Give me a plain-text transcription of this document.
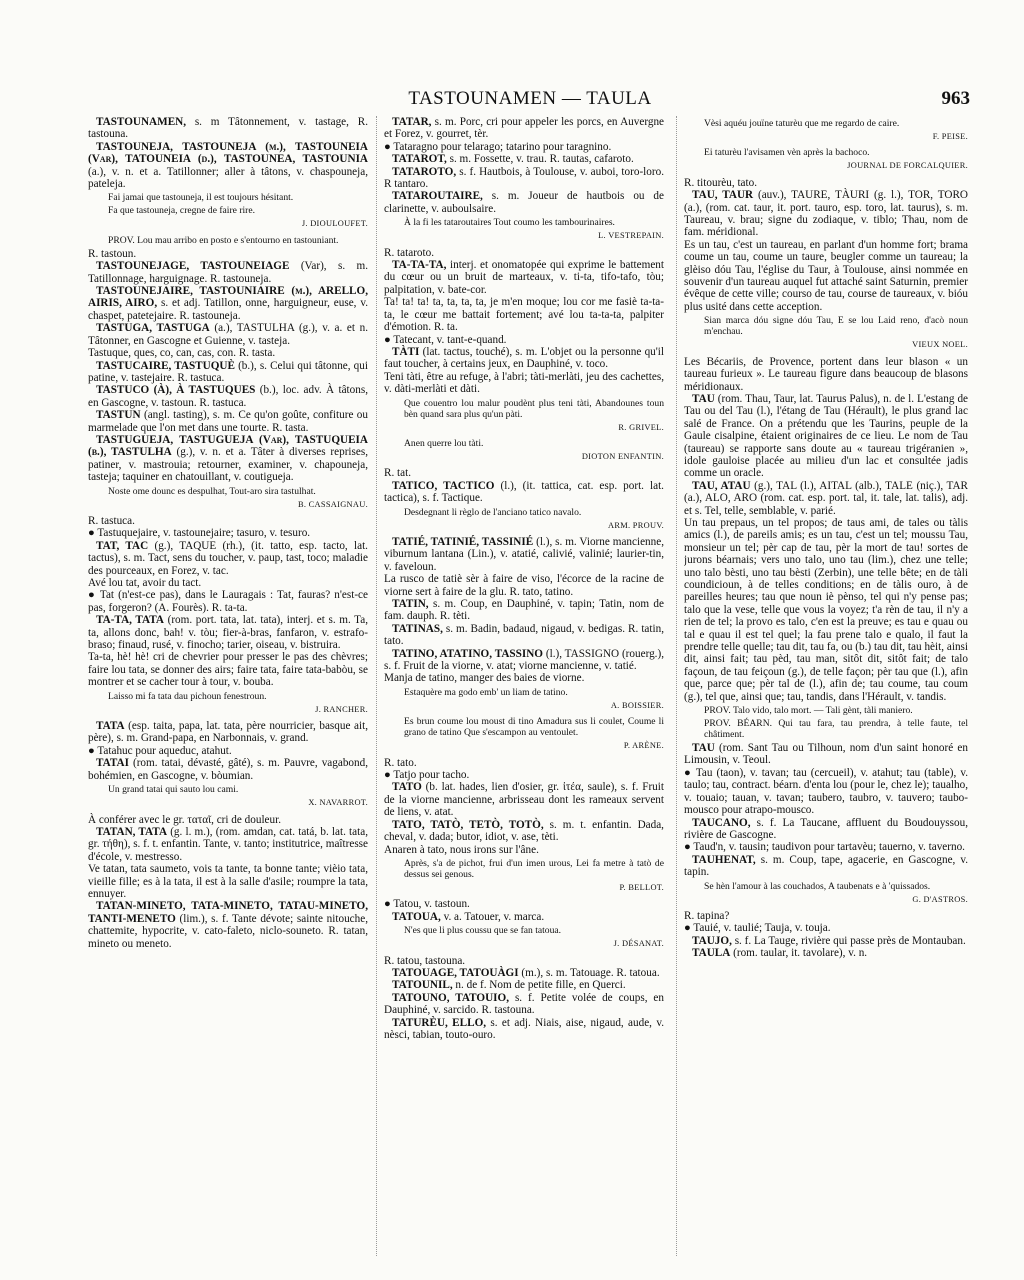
TASTOUNAMEN — TAULA	963

TASTOUNAMEN, s. m Tâtonnement, v. tastage, R. tastouna.

TASTOUNEJA, TASTOUNEJA (m.), TASTOUNEIA (Var), TATOUNEIA (d.), TASTOUNEA, TASTOUNIA (a.), v. n. et a. Tatillonner; aller à tâtons, v. chaspouneja, pateleja.

Fai jamai que tastouneja, il est toujours hésitant.
Fa que tastouneja, cregne de faire rire.
J. DIOULOUFET.
PROV. Lou mau arribo en posto e s'entourno en tastouniant.

R. tastoun.

TASTOUNEJAGE, TASTOUNEIAGE (Var), s. m. Tatillonnage, harguignage. R. tastouneja.

TASTOUNEJAIRE, TASTOUNIAIRE (m.), ARELLO, AIRIS, AIRO, s. et adj. Tatillon, onne, harguigneur, euse, v. chaspet, patetejaire. R. tastouneja.

TASTUGA, TASTUGA (a.), TASTULHA (g.), v. a. et n. Tâtonner, en Gascogne et Guienne, v. tasteja.

Tastuque, ques, co, can, cas, con. R. tasta.

TASTUCAIRE, TASTUQUÈ (b.), s. Celui qui tâtonne, qui patine, v. tastejaire. R. tastuca.

TASTUCO (À), À TASTUQUES (b.), loc. adv. À tâtons, en Gascogne, v. tastoun. R. tastuca.

TASTUN (angl. tasting), s. m. Ce qu'on goûte, confiture ou marmelade que l'on met dans une tourte. R. tasta.

TASTUGUEJA, TASTUGUEJA (Var), TASTUQUEIA (b.), TASTULHA (g.), v. n. et a. Tâter à diverses reprises, patiner, v. mastrouia; retourner, examiner, v. chapouneja, tasteja; taquiner en chatouillant, v. coutigueja.

Noste ome dounc es despulhat, Tout-aro sira tastulhat.
B. CASSAIGNAU.

R. tastuca.

● Tastuquejaire, v. tastounejaire; tasuro, v. tesuro.

TAT, TAC (g.), TAQUE (rh.), (it. tatto, esp. tacto, lat. tactus), s. m. Tact, sens du toucher, v. paup, tast, toco; maladie des pourceaux, en Forez, v. tac.

Avé lou tat, avoir du tact.

● Tat (n'est-ce pas), dans le Lauragais : Tat, fauras? n'est-ce pas, forgeron? (A. Fourès). R. ta-ta.

TA-TA, TATA (rom. port. tata, lat. tata), interj. et s. m. Ta, ta, allons donc, bah! v. tòu; fier-à-bras, fanfaron, v. estrafo-braso; finaud, rusé, v. finocho; tarier, oiseau, v. bistruira.

Ta-ta, hè! hè! cri de chevrier pour presser le pas des chèvres; faire lou tata, se donner des airs; faire tata, faire tata-babòu, se montrer et se cacher tour à tour, v. bouba.

Laisso mi fa tata dau pichoun fenestroun.
J. RANCHER.

TATA (esp. taita, papa, lat. tata, père nourricier, basque ait, père), s. m. Grand-papa, en Narbonnais, v. grand.

● Tatahuc pour aqueduc, atahut.

TATAI (rom. tatai, dévasté, gâté), s. m. Pauvre, vagabond, bohémien, en Gascogne, v. bòumian.

Un grand tatai qui sauto lou cami.
X. NAVARROT.

À conférer avec le gr. ταταῖ, cri de douleur.

TATAN, TATA (g. l. m.), (rom. amdan, cat. tatá, b. lat. tata, gr. τήθη), s. f. t. enfantin. Tante, v. tanto; institutrice, maîtresse d'école, v. mestresso.

Ve tatan, tata saumeto, vois ta tante, ta bonne tante; vièio tata, vieille fille; es à la tata, il est à la salle d'asile; roumpre la tata, ennuyer.

TATAN-MINETO, TATA-MINETO, TATAU-MINETO, TANTI-MENETO (lim.), s. f. Tante dévote; sainte nitouche, chattemite, hypocrite, v. cato-faleto, niclo-souneto. R. tatan, mineto ou meneto.

TATAR, s. m. Porc, cri pour appeler les porcs, en Auvergne et Forez, v. gourret, tèr.

● Tataragno pour telarago; tatarino pour taragnino.

TATAROT, s. m. Fossette, v. trau. R. tautas, cafaroto.

TATAROTO, s. f. Hautbois, à Toulouse, v. auboi, toro-loro. R tantaro.

TATAROUTAIRE, s. m. Joueur de hautbois ou de clarinette, v. auboulsaire.

À la fi les tataroutaires Tout coumo les tambourinaires.
L. VESTREPAIN.

R. tataroto.

TA-TA-TA, interj. et onomatopée qui exprime le battement du cœur ou un bruit de marteaux, v. ti-ta, tifo-tafo, tòu; palpitation, v. bate-cor.

Ta! ta! ta! ta, ta, ta, ta, je m'en moque; lou cor me fasiè ta-ta-ta, le cœur me battait fortement; avé lou ta-ta-ta, palpiter d'émotion. R. ta.

● Tatecant, v. tant-e-quand.

TÀTI (lat. tactus, touché), s. m. L'objet ou la personne qu'il faut toucher, à certains jeux, en Dauphiné, v. toco.

Teni tàti, être au refuge, à l'abri; tàti-merlàti, jeu des cachettes, v. dàti-merlàti et dàti.

Que couentro lou malur poudènt plus teni tàti, Abandounes toun bèn quand sara plus qu'un pàti.
R. GRIVEL.
Anen querre lou tàti.
DIOTON ENFANTIN.

R. tat.

TATICO, TACTICO (l.), (it. tattica, cat. esp. port. lat. tactica), s. f. Tactique.

Desdegnant li règlo de l'anciano tatico navalo.
ARM. PROUV.

TATIÉ, TATINIÉ, TASSINIÉ (l.), s. m. Viorne mancienne, viburnum lantana (Lin.), v. atatié, calivié, valinié; laurier-tin, v. faveloun.

La rusco de tatiè sèr à faire de viso, l'écorce de la racine de viorne sert à faire de la glu. R. tato, tatino.

TATIN, s. m. Coup, en Dauphiné, v. tapin; Tatin, nom de fam. dauph. R. tèti.

TATINAS, s. m. Badin, badaud, nigaud, v. bedigas. R. tatin, tato.

TATINO, ATATINO, TASSINO (l.), TASSIGNO (rouerg.), s. f. Fruit de la viorne, v. atat; viorne mancienne, v. tatié.

Manja de tatino, manger des baies de viorne.

Estaquère ma godo emb' un liam de tatino.
A. BOISSIER.
Es brun coume lou moust di tino Amadura sus li coulet, Coume li grano de tatino Que s'escampon au ventoulet.
P. ARÈNE.

R. tato.

● Tatjo pour tacho.

TATO (b. lat. hades, lien d'osier, gr. ἰτέα, saule), s. f. Fruit de la viorne mancienne, arbrisseau dont les rameaux servent de liens, v. atat.

TATO, TATÒ, TETÒ, TOTÒ, s. m. t. enfantin. Dada, cheval, v. dada; butor, idiot, v. ase, tèti.

Anaren à tato, nous irons sur l'âne.

Après, s'a de pichot, frui d'un imen urous, Lei fa metre à tatò de dessus sei genous.
P. BELLOT.

● Tatou, v. tastoun.

TATOUA, v. a. Tatouer, v. marca.

N'es que li plus coussu que se fan tatoua.
J. DÉSANAT.

R. tatou, tastouna.

TATOUAGE, TATOUÀGI (m.), s. m. Tatouage. R. tatoua.

TATOUNIL, n. de f. Nom de petite fille, en Querci.

TATOUNO, TATOUIO, s. f. Petite volée de coups, en Dauphiné, v. sarcido. R. tastouna.

TATURÈU, ELLO, s. et adj. Niais, aise, nigaud, aude, v. nèsci, tabian, touto-ouro.

Vèsi aquéu jouïne taturèu que me regardo de caire.
F. PEISE.
Ei taturèu l'avisamen vèn après la bachoco.
JOURNAL DE FORCALQUIER.

R. titourèu, tato.

TAU, TAUR (auv.), TAURE, TÀURI (g. l.), TOR, TORO (a.), (rom. cat. taur, it. port. tauro, esp. toro, lat. taurus), s. m. Taureau, v. brau; signe du zodiaque, v. tiblo; Thau, nom de fam. méridional.

Es un tau, c'est un taureau, en parlant d'un homme fort; brama coume un tau, coume un taure, beugler comme un taureau; la glèiso dóu Tau, l'église du Taur, à Toulouse, ainsi nommée en souvenir d'un taureau auquel fut attaché saint Saturnin, premier évêque de cette ville; courso de tau, course de taureaux, v. bióu plus usité dans cette acception.

Sian marca dóu signe dóu Tau, E se lou Laid reno, d'acò noun m'enchau.
VIEUX NOEL.

Les Bécariis, de Provence, portent dans leur blason « un taureau furieux ». Le taureau figure dans beaucoup de blasons méridionaux.

TAU (rom. Thau, Taur, lat. Taurus Palus), n. de l. L'estang de Tau ou del Tau (l.), l'étang de Tau (Hérault), le plus grand lac salé de France. On a prétendu que les Taurins, peuple de la Gaule cisalpine, étaient originaires de ce lieu. Le nom de Tau (taureau) se rapporte sans doute au « taureau trigéranien », idole gauloise placée au milieu d'un lac et consultée jadis comme un oracle.

TAU, ATAU (g.), TAL (l.), AITAL (alb.), TALE (niç.), TAR (a.), ALO, ARO (rom. cat. esp. port. tal, it. tale, lat. talis), adj. et s. Tel, telle, semblable, v. parié.

Un tau prepaus, un tel propos; de taus ami, de tales ou tàlis amics (l.), de pareils amis; es un tau, c'est un tel; moussu Tau, monsieur un tel; pèr cap de tau, pèr la mort de tau! sortes de jurons béarnais; vers uno talo, uno tau (lim.), chez une telle; uno talo bèsti, uno tau bèsti (Zerbin), une telle bête; en de tàli coundicioun, à de telles conditions; en de tàlis ouro, à de pareilles heures; tau que noun iè pènso, tel qui n'y pense pas; talo que la vese, telle que vous la voyez; t'a rèn de tau, il n'y a rien de tel; la provo es talo, c'en est la preuve; es tau e quau ou tal e quau il est tel quel; la fau prene talo e qualo, il faut la prendre telle quelle; tau dit, tau fa, ou (b.) tau dit, tau hèit, ainsi dit, ainsi fait; tau pèd, tau man, sitôt dit, sitôt fait; de talo façoun, de tau feiçoun (g.), de telle façon; pèr tau que (l.), afin que, parce que; pèr tal de (l.), afin de; tau coume, tau coum (g.), tel que, ainsi que; tau, tandis, dans l'Hérault, v. tandis.

PROV. Talo vido, talo mort. — Tali gènt, tàli maniero.
PROV. BÉARN. Qui tau fara, tau prendra, à telle faute, tel châtiment.

TAU (rom. Sant Tau ou Tilhoun, nom d'un saint honoré en Limousin, v. Teoul.

● Tau (taon), v. tavan; tau (cercueil), v. atahut; tau (table), v. taulo; tau, contract. béarn. d'enta lou (pour le, chez le); taualho, v. touaio; tauan, v. tavan; taubero, taubro, v. tauvero; taubo-mousco pour atrapo-mousco.

TAUCANO, s. f. La Taucane, affluent du Boudouyssou, rivière de Gascogne.

● Taud'n, v. tausin; taudivon pour tartavèu; tauerno, v. taverno.

TAUHENAT, s. m. Coup, tape, agacerie, en Gascogne, v. tapin.

Se hèn l'amour à las couchados, A taubenats e à 'quissados.
G. D'ASTROS.

R. tapina?

● Tauié, v. taulié; Tauja, v. touja.

TAUJO, s. f. La Tauge, rivière qui passe près de Montauban.

TAULA (rom. taular, it. tavolare), v. n.
